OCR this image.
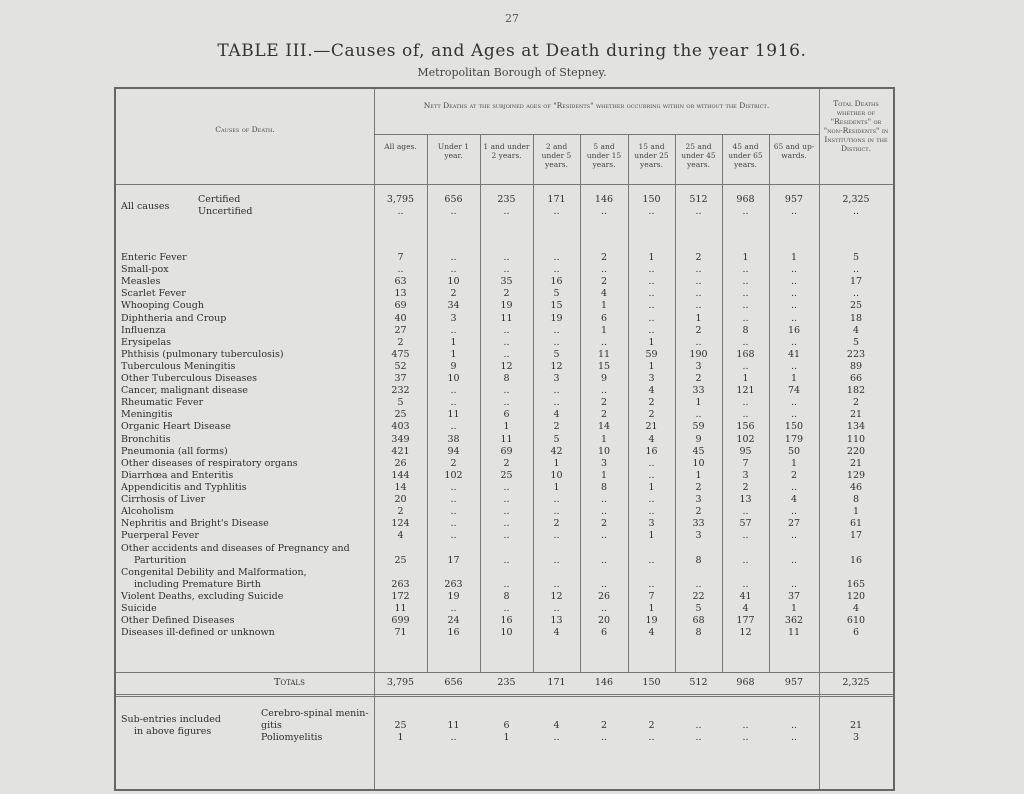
27
TABLE III.—Causes of, and Ages at Death during the year 1916.
Metropolitan Borough of Stepney.
Causes of Death.
Nett Deaths at the subjoined ages of "Residents" whether occurring within or without the District.	Total Deaths whether of "Residents" or "non-Residents" in Institutions in the District.
All ages.	Under 1 year.
1 and under 2 years.
2 and under 5 years.
5 and under 15 years.
15 and under 25 years.
25 and under 45 years.
45 and under 65 years.
65 and up-wards.
All causes
Certified	3,795	656	235	171	146	150	512	968	957	2,325
Uncertified	..	..	..	..	..	..	..	..	..	..
Enteric Fever	7	..	..	..	2	1	2	1	1	5
Small-pox	..	..	..	..	..	..	..	..	..	..
Measles	63	10	35	16	2	..	..	..	..	17
Scarlet Fever	13	2	2	5	4	..	..	..	..	..
Whooping Cough	69	34	19	15	1	..	..	..	..	25
Diphtheria and Croup	40	3	11	19	6	..	1	..	..	18
Influenza	27	..	..	..	1	..	2	8	16	4
Erysipelas	2	1	..	..	..	1	..	..	..	5
Phthisis (pulmonary tuberculosis)	475	1	..	5	11	59	190	168	41	223
Tuberculous Meningitis	52	9	12	12	15	1	3	..	..	89
Other Tuberculous Diseases	37	10	8	3	9	3	2	1	1	66
Cancer, malignant disease	232	..	..	..	..	4	33	121	74	182
Rheumatic Fever	5	..	..	..	2	2	1	..	..	2
Meningitis	25	11	6	4	2	2	..	..	..	21
Organic Heart Disease	403	..	1	2	14	21	59	156	150	134
Bronchitis	349	38	11	5	1	4	9	102	179	110
Pneumonia (all forms)	421	94	69	42	10	16	45	95	50	220
Other diseases of respiratory organs	26	2	2	1	3	..	10	7	1	21
Diarrhœa and Enteritis	144	102	25	10	1	..	1	3	2	129
Appendicitis and Typhlitis	14	..	..	1	8	1	2	2	..	46
Cirrhosis of Liver	20	..	..	..	..	..	3	13	4	8
Alcoholism	2	..	..	..	..	..	2	..	..	1
Nephritis and Bright's Disease	124	..	..	2	2	3	33	57	27	61
Puerperal Fever	4	..	..	..	..	1	3	..	..	17
Other accidents and diseases of Pregnancy and
Parturition	25	17	..	..	..	..	8	..	..	16
Congenital Debility and Malformation,
including Premature Birth	263	263	..	..	..	..	..	..	..	165
Violent Deaths, excluding Suicide	172	19	8	12	26	7	22	41	37	120
Suicide	11	..	..	..	..	1	5	4	1	4
Other Defined Diseases	699	24	16	13	20	19	68	177	362	610
Diseases ill-defined or unknown	71	16	10	4	6	4	8	12	11	6
Totals	3,795	656	235	171	146	150	512	968	957	2,325
Sub-entries included
in above figures
Cerebro-spinal menin-
gitis	25	11	6	4	2	2	..	..	..	21
Poliomyelitis	1	..	1	..	..	..	..	..	..	3
